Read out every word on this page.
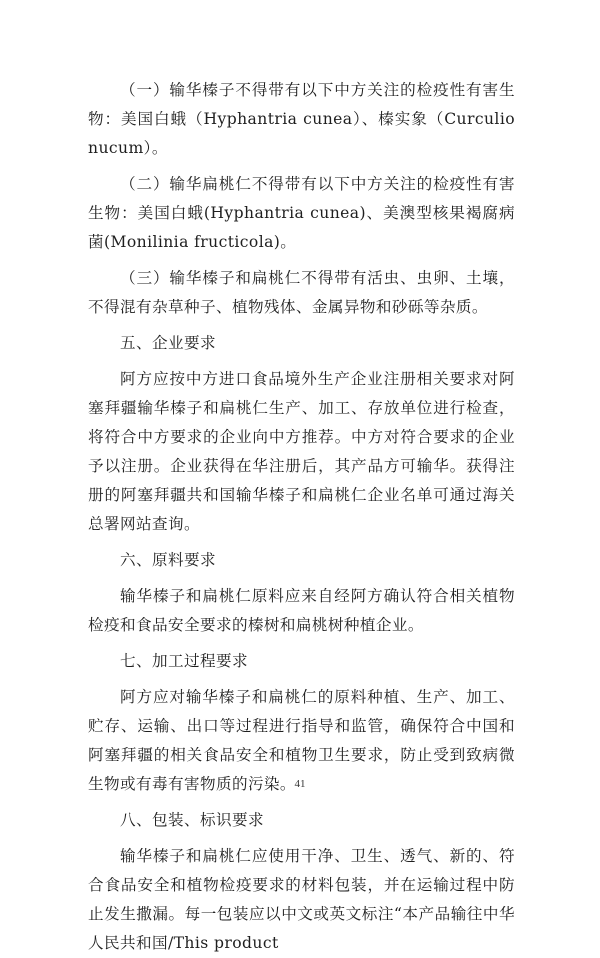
（一）输华榛子不得带有以下中方关注的检疫性有害生物：美国白蛾（Hyphantria cunea）、榛实象（Curculio nucum）。

（二）输华扁桃仁不得带有以下中方关注的检疫性有害生物：美国白蛾(Hyphantria cunea)、美澳型核果褐腐病菌(Monilinia fructicola)。

（三）输华榛子和扁桃仁不得带有活虫、虫卵、土壤，不得混有杂草种子、植物残体、金属异物和砂砾等杂质。

五、企业要求

阿方应按中方进口食品境外生产企业注册相关要求对阿塞拜疆输华榛子和扁桃仁生产、加工、存放单位进行检查，将符合中方要求的企业向中方推荐。中方对符合要求的企业予以注册。企业获得在华注册后，其产品方可输华。获得注册的阿塞拜疆共和国输华榛子和扁桃仁企业名单可通过海关总署网站查询。

六、原料要求

输华榛子和扁桃仁原料应来自经阿方确认符合相关植物检疫和食品安全要求的榛树和扁桃树种植企业。

七、加工过程要求

阿方应对输华榛子和扁桃仁的原料种植、生产、加工、贮存、运输、出口等过程进行指导和监管，确保符合中国和阿塞拜疆的相关食品安全和植物卫生要求，防止受到致病微生物或有毒有害物质的污染。

八、包装、标识要求

输华榛子和扁桃仁应使用干净、卫生、透气、新的、符合食品安全和植物检疫要求的材料包装，并在运输过程中防止发生撒漏。每一包装应以中文或英文标注“本产品输往中华人民共和国/This product

41
